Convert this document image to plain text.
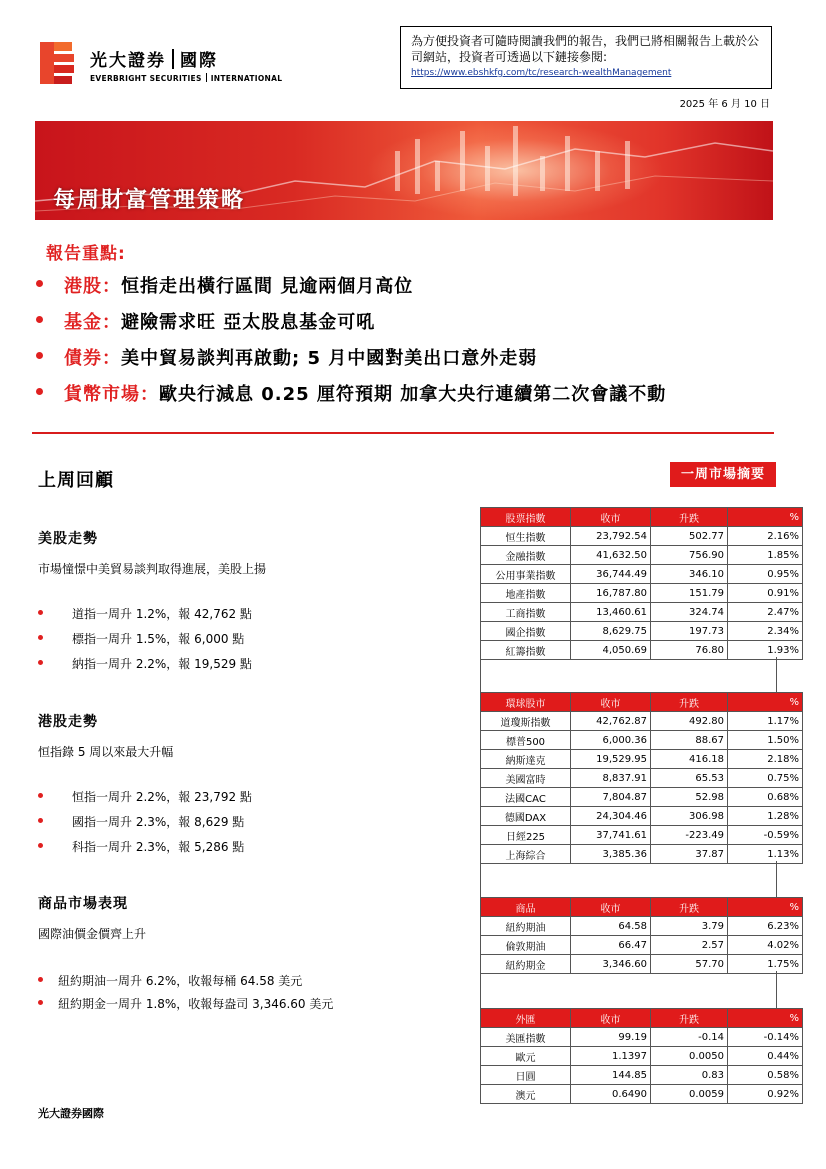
光大證券 國際
EVERBRIGHT SECURITIES INTERNATIONAL
為方便投資者可隨時閱讀我們的報告，我們已將相關報告上載於公司網站，投資者可透過以下鏈接參閱:
https://www.ebshkfg.com/tc/research-wealthManagement
2025 年 6 月 10 日
每周財富管理策略
報告重點:
港股：恒指走出橫行區間 見逾兩個月高位
基金：避險需求旺 亞太股息基金可吼
債券：美中貿易談判再啟動; 5 月中國對美出口意外走弱
貨幣市場：歐央行減息 0.25 厘符預期 加拿大央行連續第二次會議不動
上周回顧	一周市場摘要
美股走勢
市場憧憬中美貿易談判取得進展，美股上揚
道指一周升 1.2%，報 42,762 點
標指一周升 1.5%，報 6,000 點
納指一周升 2.2%，報 19,529 點
港股走勢
恒指錄 5 周以來最大升幅
恒指一周升 2.2%，報 23,792 點
國指一周升 2.3%，報 8,629 點
科指一周升 2.3%，報 5,286 點
商品市場表現
國際油價金價齊上升
紐約期油一周升 6.2%，收報每桶 64.58 美元
紐約期金一周升 1.8%，收報每盎司 3,346.60 美元
光大證券國際
股票指數	收市	升跌	%
恒生指數	23,792.54	502.77	2.16%
金融指數	41,632.50	756.90	1.85%
公用事業指數	36,744.49	346.10	0.95%
地產指數	16,787.80	151.79	0.91%
工商指數	13,460.61	324.74	2.47%
國企指數	8,629.75	197.73	2.34%
紅籌指數	4,050.69	76.80	1.93%
環球股市	收市	升跌	%
道瓊斯指數	42,762.87	492.80	1.17%
標普500	6,000.36	88.67	1.50%
納斯達克	19,529.95	416.18	2.18%
美國富時	8,837.91	65.53	0.75%
法國CAC	7,804.87	52.98	0.68%
德國DAX	24,304.46	306.98	1.28%
日經225	37,741.61	-223.49	-0.59%
上海綜合	3,385.36	37.87	1.13%
商品	收市	升跌	%
紐約期油	64.58	3.79	6.23%
倫敦期油	66.47	2.57	4.02%
紐約期金	3,346.60	57.70	1.75%
外匯	收市	升跌	%
美匯指數	99.19	-0.14	-0.14%
歐元	1.1397	0.0050	0.44%
日圓	144.85	0.83	0.58%
澳元	0.6490	0.0059	0.92%
